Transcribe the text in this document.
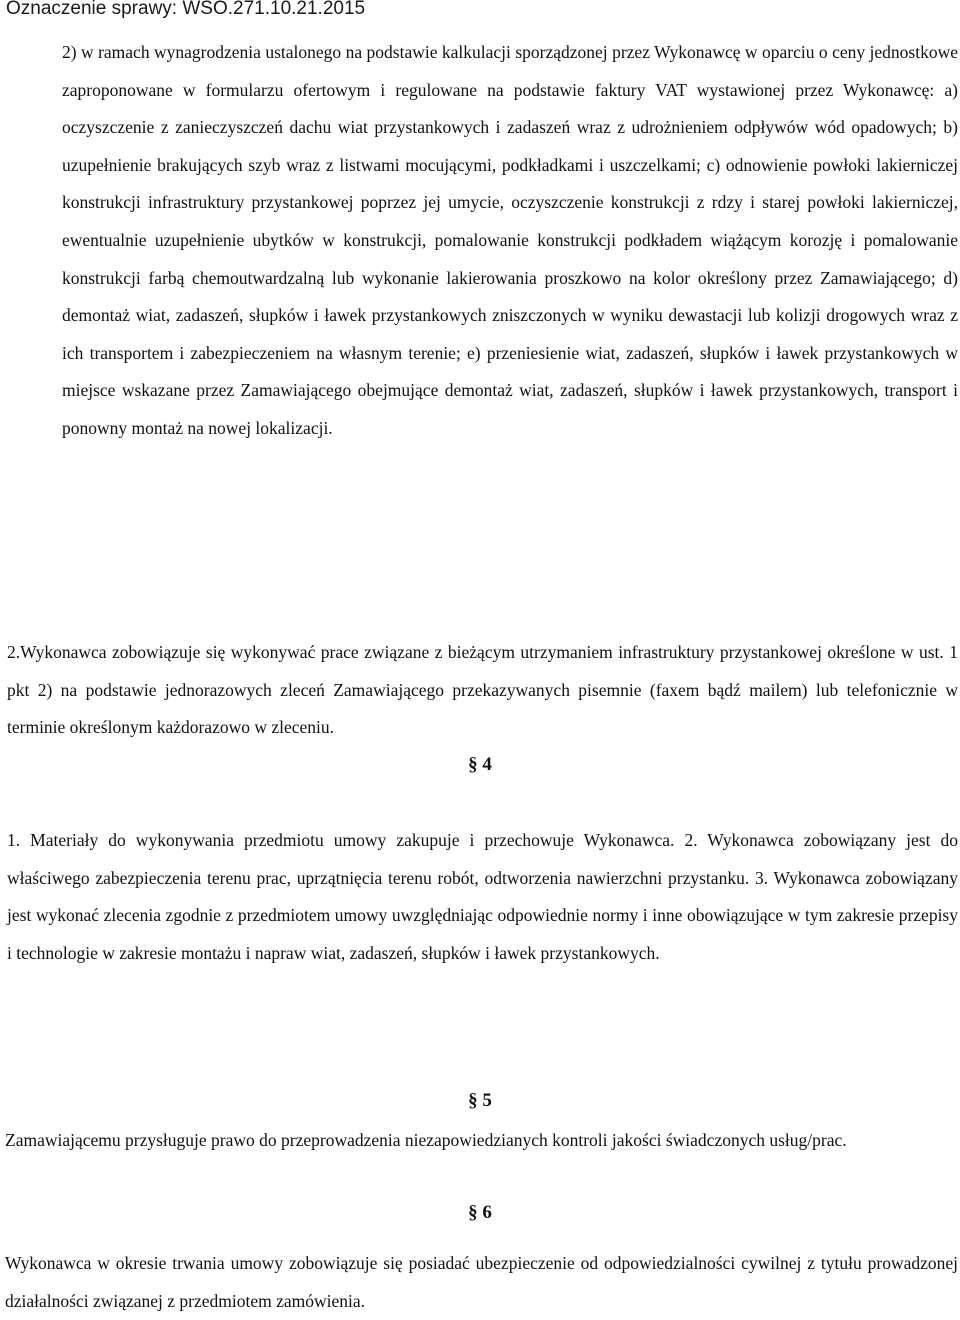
Oznaczenie sprawy: WSO.271.10.21.2015

2) w ramach wynagrodzenia ustalonego na podstawie kalkulacji sporządzonej przez Wykonawcę w oparciu o ceny jednostkowe zaproponowane w formularzu ofertowym i regulowane na podstawie faktury VAT wystawionej przez Wykonawcę: a) oczyszczenie z zanieczyszczeń dachu wiat przystankowych i zadaszeń wraz z udrożnieniem odpływów wód opadowych; b) uzupełnienie brakujących szyb wraz z listwami mocującymi, podkładkami i uszczelkami; c) odnowienie powłoki lakierniczej konstrukcji infrastruktury przystankowej poprzez jej umycie, oczyszczenie konstrukcji z rdzy i starej powłoki lakierniczej, ewentualnie uzupełnienie ubytków w konstrukcji, pomalowanie konstrukcji podkładem wiążącym korozję i pomalowanie konstrukcji farbą chemoutwardzalną lub wykonanie lakierowania proszkowo na kolor określony przez Zamawiającego; d) demontaż wiat, zadaszeń, słupków i ławek przystankowych zniszczonych w wyniku dewastacji lub kolizji drogowych wraz z ich transportem i zabezpieczeniem na własnym terenie; e) przeniesienie wiat, zadaszeń, słupków i ławek przystankowych w miejsce wskazane przez Zamawiającego obejmujące demontaż wiat, zadaszeń, słupków i ławek przystankowych, transport i ponowny montaż na nowej lokalizacji.

2.Wykonawca zobowiązuje się wykonywać prace związane z bieżącym utrzymaniem infrastruktury przystankowej określone w ust. 1 pkt 2) na podstawie jednorazowych zleceń Zamawiającego przekazywanych pisemnie (faxem bądź mailem) lub telefonicznie w terminie określonym każdorazowo w zleceniu.

§ 4

1. Materiały do wykonywania przedmiotu umowy zakupuje i przechowuje Wykonawca. 2. Wykonawca zobowiązany jest do właściwego zabezpieczenia terenu prac, uprzątnięcia terenu robót, odtworzenia nawierzchni przystanku. 3. Wykonawca zobowiązany jest wykonać zlecenia zgodnie z przedmiotem umowy uwzględniając odpowiednie normy i inne obowiązujące w tym zakresie przepisy i technologie w zakresie montażu i napraw wiat, zadaszeń, słupków i ławek przystankowych.

§ 5

Zamawiającemu przysługuje prawo do przeprowadzenia niezapowiedzianych kontroli jakości świadczonych usług/prac.

§ 6

Wykonawca w okresie trwania umowy zobowiązuje się posiadać ubezpieczenie od odpowiedzialności cywilnej z tytułu prowadzonej działalności związanej z przedmiotem zamówienia.
